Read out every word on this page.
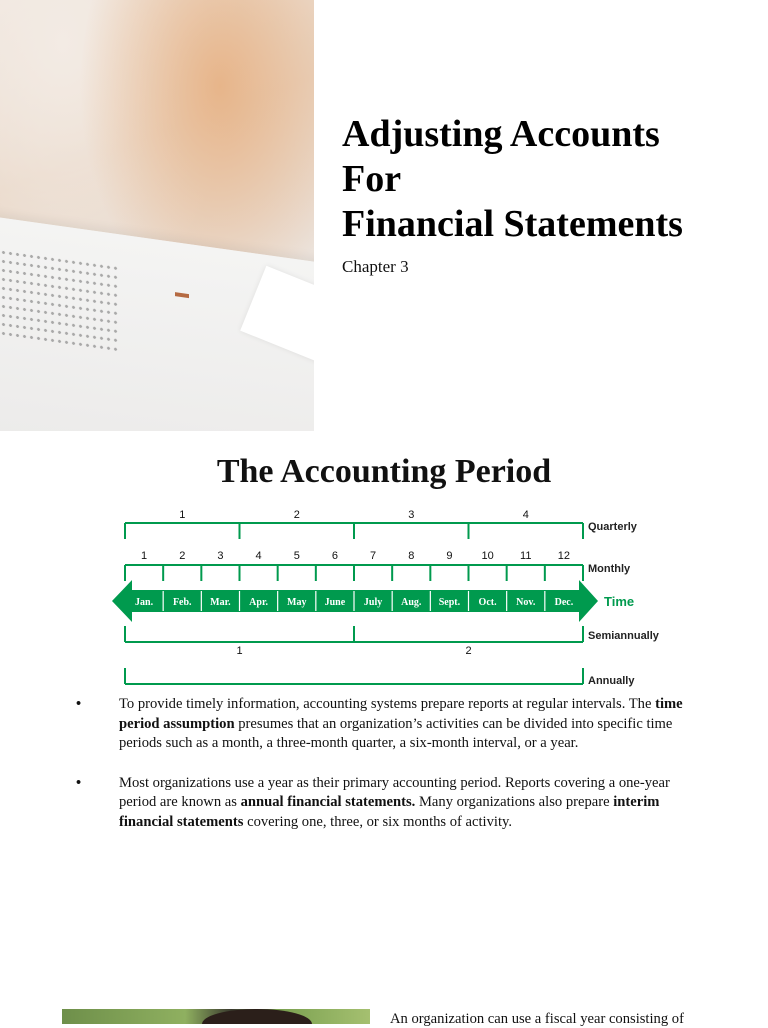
Adjusting Accounts
For
Financial Statements

Chapter 3

The Accounting Period
1	2	3	4
Quarterly
1	2	3	4	5	6	7	8	9	10 11 12
Monthly
Jan. Feb. Mar. Apr. May June July Aug. Sept. Oct. Nov. Dec. Time
Semiannually
1	2
Annually
•	To provide timely information, accounting systems prepare reports at regular intervals. The time period assumption presumes that an organization’s activities can be divided into specific time periods such as a month, a three-month quarter, a six-month interval, or a year.
•	Most organizations use a year as their primary accounting period. Reports covering a one-year period are known as annual financial statements. Many organizations also prepare interim financial statements covering one, three, or six months of activity.
An organization can use a fiscal year consisting of
